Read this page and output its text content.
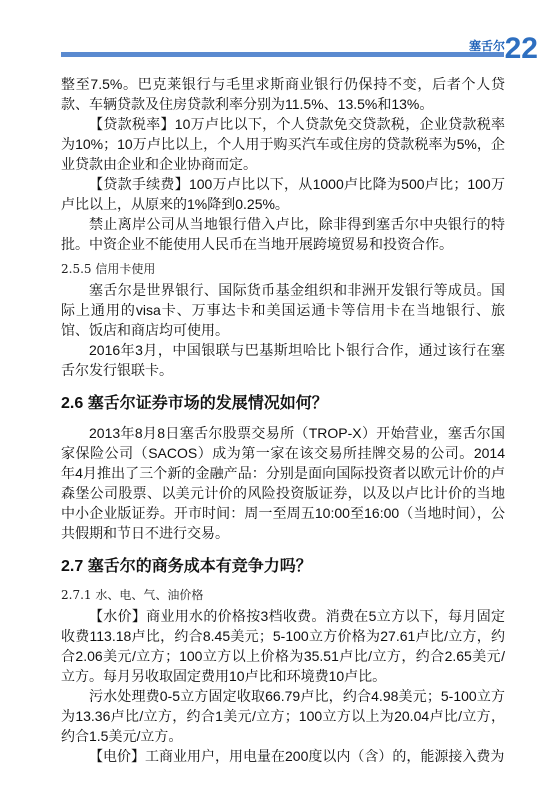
塞舌尔 22

整至7.5%。巴克莱银行与毛里求斯商业银行仍保持不变，后者个人贷款、车辆贷款及住房贷款利率分别为11.5%、13.5%和13%。

【贷款税率】10万卢比以下，个人贷款免交贷款税，企业贷款税率为10%；10万卢比以上，个人用于购买汽车或住房的贷款税率为5%，企业贷款由企业和企业协商而定。

【贷款手续费】100万卢比以下，从1000卢比降为500卢比；100万卢比以上，从原来的1%降到0.25%。

禁止离岸公司从当地银行借入卢比，除非得到塞舌尔中央银行的特批。中资企业不能使用人民币在当地开展跨境贸易和投资合作。

2.5.5 信用卡使用

塞舌尔是世界银行、国际货币基金组织和非洲开发银行等成员。国际上通用的visa卡、万事达卡和美国运通卡等信用卡在当地银行、旅馆、饭店和商店均可使用。

2016年3月，中国银联与巴基斯坦哈比卜银行合作，通过该行在塞舌尔发行银联卡。

2.6 塞舌尔证券市场的发展情况如何？

2013年8月8日塞舌尔股票交易所（TROP-X）开始营业，塞舌尔国家保险公司（SACOS）成为第一家在该交易所挂牌交易的公司。2014年4月推出了三个新的金融产品：分别是面向国际投资者以欧元计价的卢森堡公司股票、以美元计价的风险投资版证券，以及以卢比计价的当地中小企业版证券。开市时间：周一至周五10:00至16:00（当地时间），公共假期和节日不进行交易。

2.7 塞舌尔的商务成本有竞争力吗？
2.7.1 水、电、气、油价格

【水价】商业用水的价格按3档收费。消费在5立方以下，每月固定收费113.18卢比，约合8.45美元；5-100立方价格为27.61卢比/立方，约合2.06美元/立方；100立方以上价格为35.51卢比/立方，约合2.65美元/立方。每月另收取固定费用10卢比和环境费10卢比。

污水处理费0-5立方固定收取66.79卢比，约合4.98美元；5-100立方为13.36卢比/立方，约合1美元/立方；100立方以上为20.04卢比/立方，约合1.5美元/立方。

【电价】工商业用户，用电量在200度以内（含）的，能源接入费为
